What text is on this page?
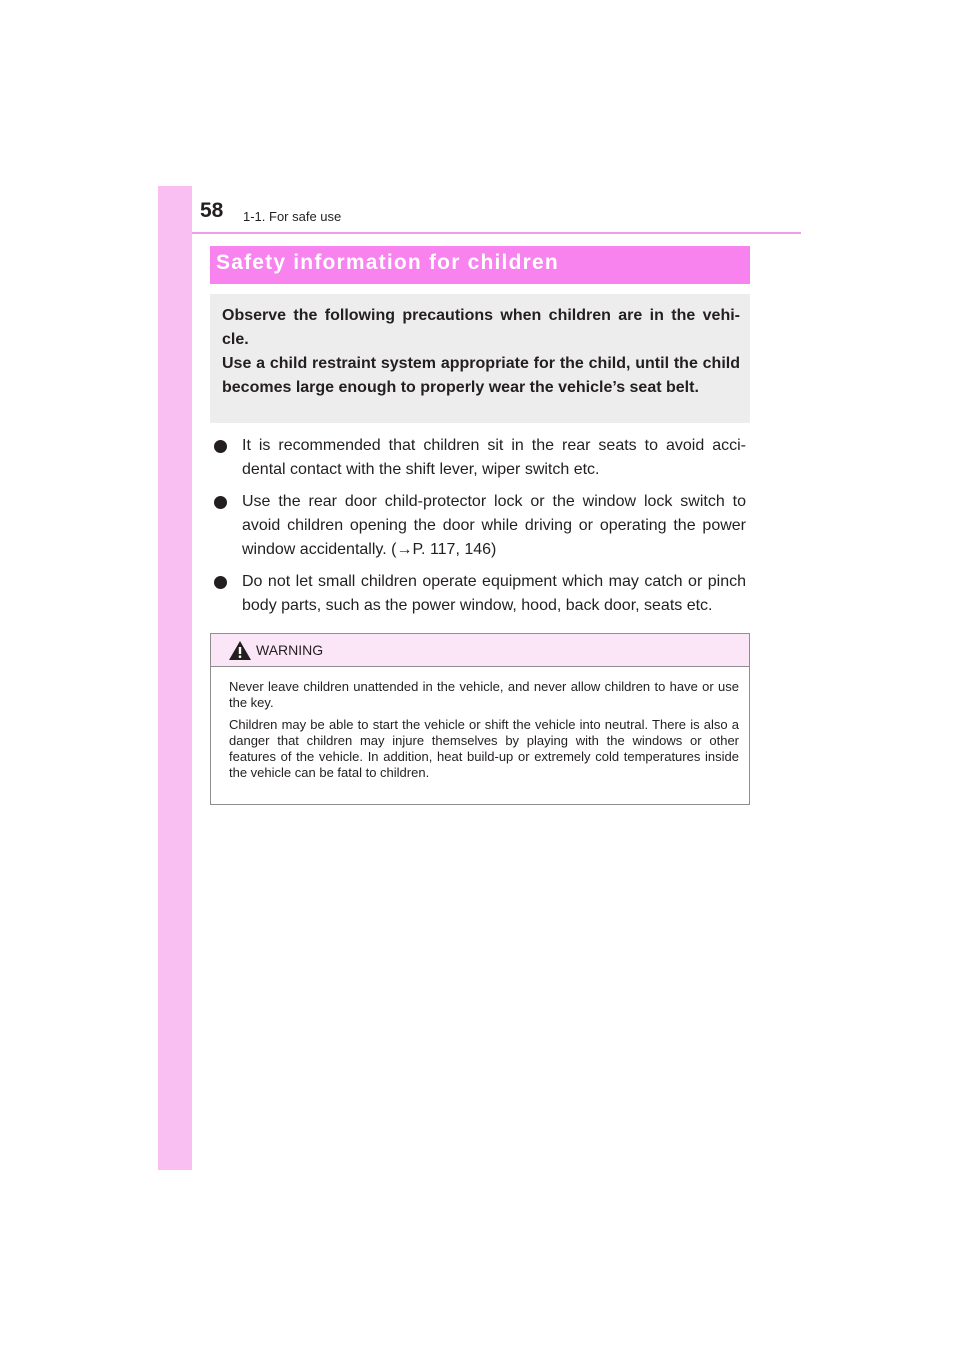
58 1-1. For safe use
Safety information for children

Observe the following precautions when children are in the vehi-cle.

Use a child restraint system appropriate for the child, until the child becomes large enough to properly wear the vehicle’s seat belt.

It is recommended that children sit in the rear seats to avoid acci-dental contact with the shift lever, wiper switch etc.
Use the rear door child-protector lock or the window lock switch to avoid children opening the door while driving or operating the power window accidentally. (→P. 117, 146)
Do not let small children operate equipment which may catch or pinch body parts, such as the power window, hood, back door, seats etc.
WARNING

Never leave children unattended in the vehicle, and never allow children to have or use the key.

Children may be able to start the vehicle or shift the vehicle into neutral. There is also a danger that children may injure themselves by playing with the windows or other features of the vehicle. In addition, heat build-up or extremely cold temperatures inside the vehicle can be fatal to children.
